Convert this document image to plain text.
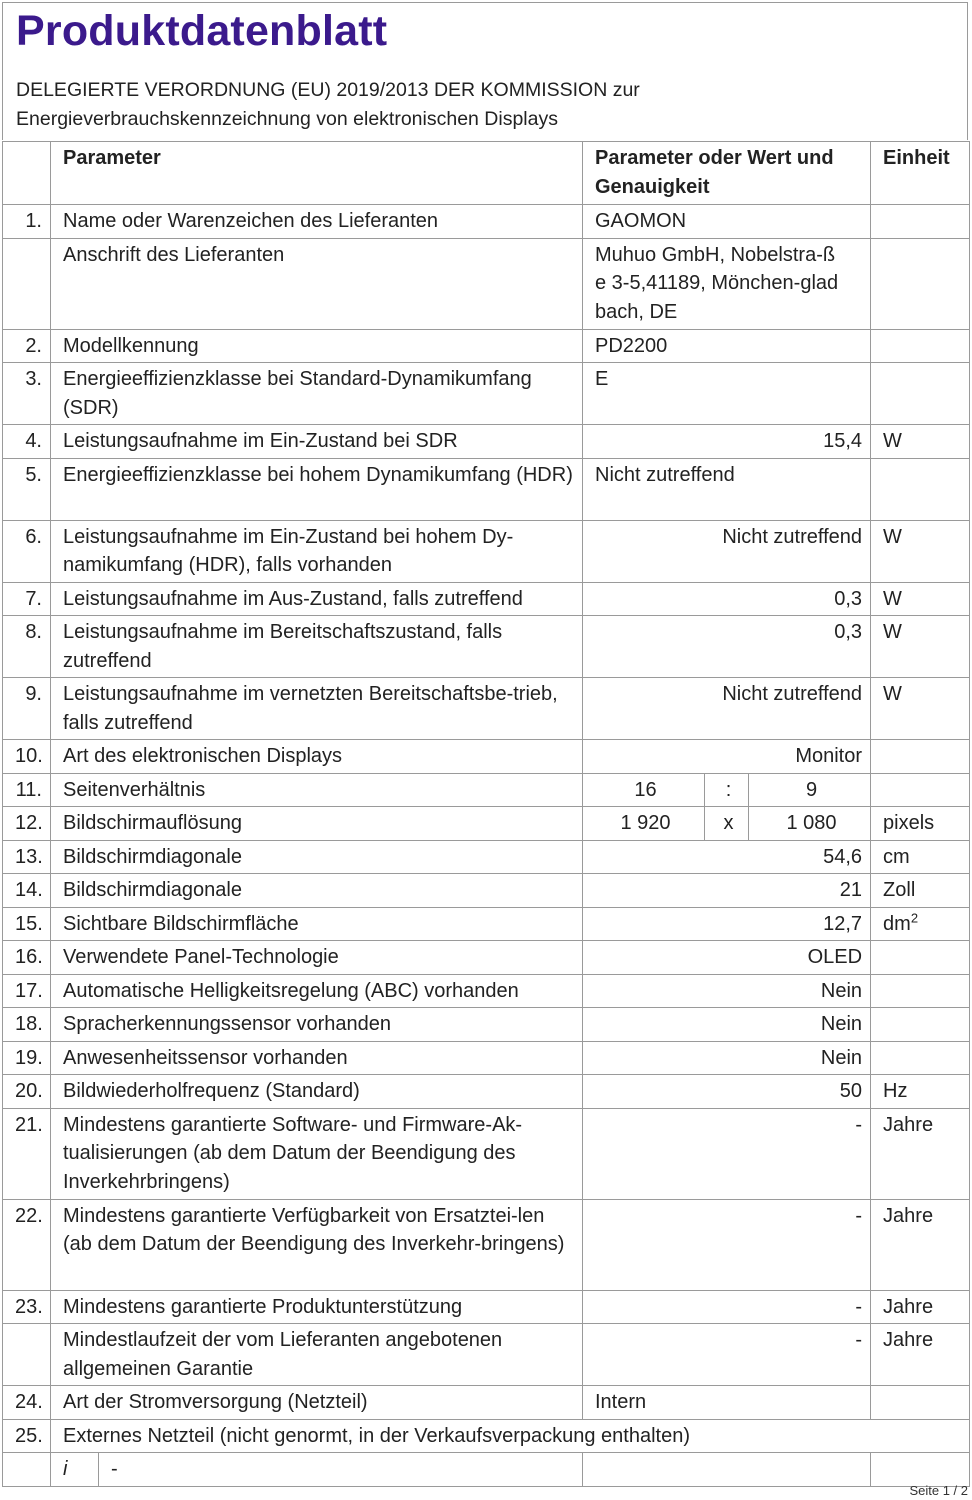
Produktdatenblatt
DELEGIERTE VERORDNUNG (EU) 2019/2013 DER KOMMISSION zur
Energieverbrauchskennzeichnung von elektronischen Displays
	Parameter		Parameter oder Wert und Genauigkeit			Einheit
1.	Name oder Warenzeichen des Lieferanten		GAOMON			
	Anschrift des Lieferanten		Muhuo GmbH, Nobelstra-ße 3-5,41189, Mönchen-gladbach, DE			
2.	Modellkennung		PD2200			
3.	Energieeffizienzklasse bei Standard-Dynamikumfang (SDR)		E			
4.	Leistungsaufnahme im Ein-Zustand bei SDR		15,4			W
5.	Energieeffizienzklasse bei hohem Dynamikumfang (HDR)		Nicht zutreffend			
6.	Leistungsaufnahme im Ein-Zustand bei hohem Dy-namikumfang (HDR), falls vorhanden		Nicht zutreffend			W
7.	Leistungsaufnahme im Aus-Zustand, falls zutreffend		0,3			W
8.	Leistungsaufnahme im Bereitschaftszustand, falls zutreffend		0,3			W
9.	Leistungsaufnahme im vernetzten Bereitschaftsbe-trieb, falls zutreffend		Nicht zutreffend			W
10.	Art des elektronischen Displays		Monitor			
11.	Seitenverhältnis		16	:	9	
12.	Bildschirmauflösung		1 920	x	1 080	pixels
13.	Bildschirmdiagonale		54,6			cm
14.	Bildschirmdiagonale		21			Zoll
15.	Sichtbare Bildschirmfläche		12,7			$dm^2$
16.	Verwendete Panel-Technologie		OLED			
17.	Automatische Helligkeitsregelung (ABC) vorhanden		Nein			
18.	Spracherkennungssensor vorhanden		Nein			
19.	Anwesenheitssensor vorhanden		Nein			
20.	Bildwiederholfrequenz (Standard)		50			Hz
21.	Mindestens garantierte Software- und Firmware-Ak-tualisierungen (ab dem Datum der Beendigung des Inverkehrbringens)		-			Jahre
22.	Mindestens garantierte Verfügbarkeit von Ersatztei-len (ab dem Datum der Beendigung des Inverkehr-bringens)		-			Jahre
23.	Mindestens garantierte Produktunterstützung		-			Jahre
	Mindestlaufzeit der vom Lieferanten angebotenen allgemeinen Garantie		-			Jahre
24.	Art der Stromversorgung (Netzteil)		Intern			
25.	Externes Netzteil (nicht genormt, in der Verkaufsverpackung enthalten)					
	i	-				
Seite 1 / 2
